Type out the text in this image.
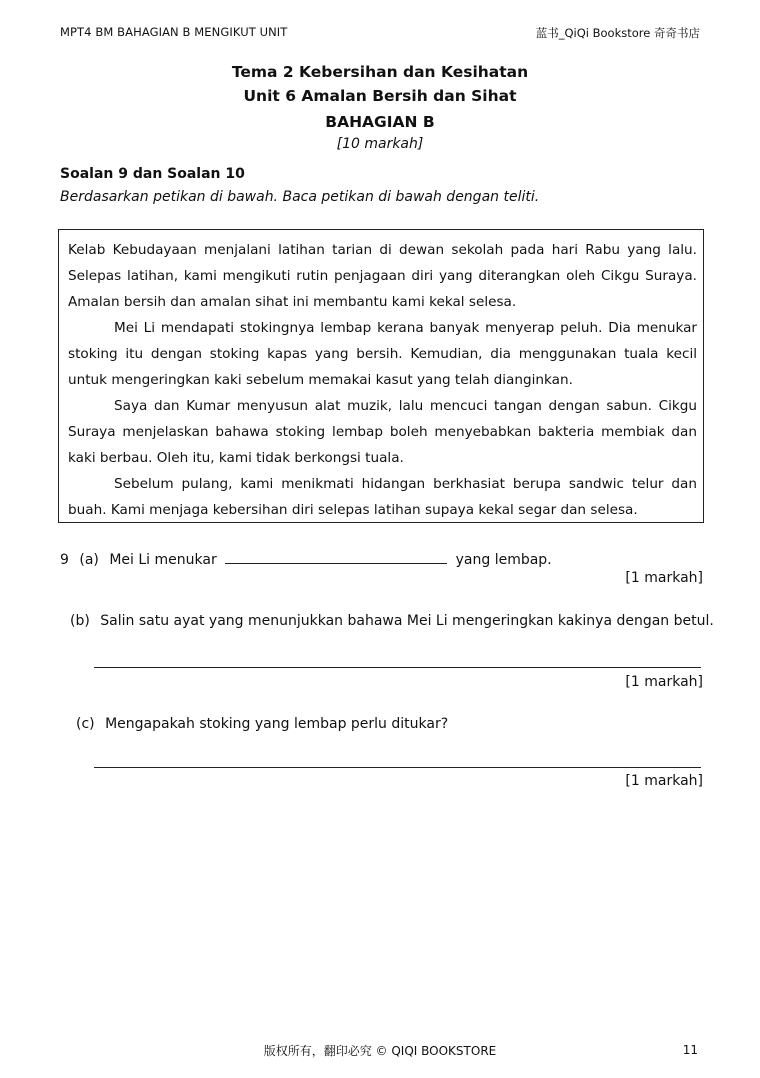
MPT4 BM BAHAGIAN B MENGIKUT UNIT	蓝书_QiQi Bookstore 奇奇书店
Tema 2 Kebersihan dan Kesihatan
Unit 6 Amalan Bersih dan Sihat
BAHAGIAN B
[10 markah]
Soalan 9 dan Soalan 10
Berdasarkan petikan di bawah. Baca petikan di bawah dengan teliti.

Kelab Kebudayaan menjalani latihan tarian di dewan sekolah pada hari Rabu yang lalu. Selepas latihan, kami mengikuti rutin penjagaan diri yang diterangkan oleh Cikgu Suraya. Amalan bersih dan amalan sihat ini membantu kami kekal selesa.

Mei Li mendapati stokingnya lembap kerana banyak menyerap peluh. Dia menukar stoking itu dengan stoking kapas yang bersih. Kemudian, dia menggunakan tuala kecil untuk mengeringkan kaki sebelum memakai kasut yang telah dianginkan.

Saya dan Kumar menyusun alat muzik, lalu mencuci tangan dengan sabun. Cikgu Suraya menjelaskan bahawa stoking lembap boleh menyebabkan bakteria membiak dan kaki berbau. Oleh itu, kami tidak berkongsi tuala.

Sebelum pulang, kami menikmati hidangan berkhasiat berupa sandwic telur dan buah. Kami menjaga kebersihan diri selepas latihan supaya kekal segar dan selesa.

9 (a) Mei Li menukar	yang lembap.
[1 markah]
(b) Salin satu ayat yang menunjukkan bahawa Mei Li mengeringkan kakinya dengan betul.
[1 markah]
(c) Mengapakah stoking yang lembap perlu ditukar?
[1 markah]
版权所有，翻印必究 © QIQI BOOKSTORE	11
